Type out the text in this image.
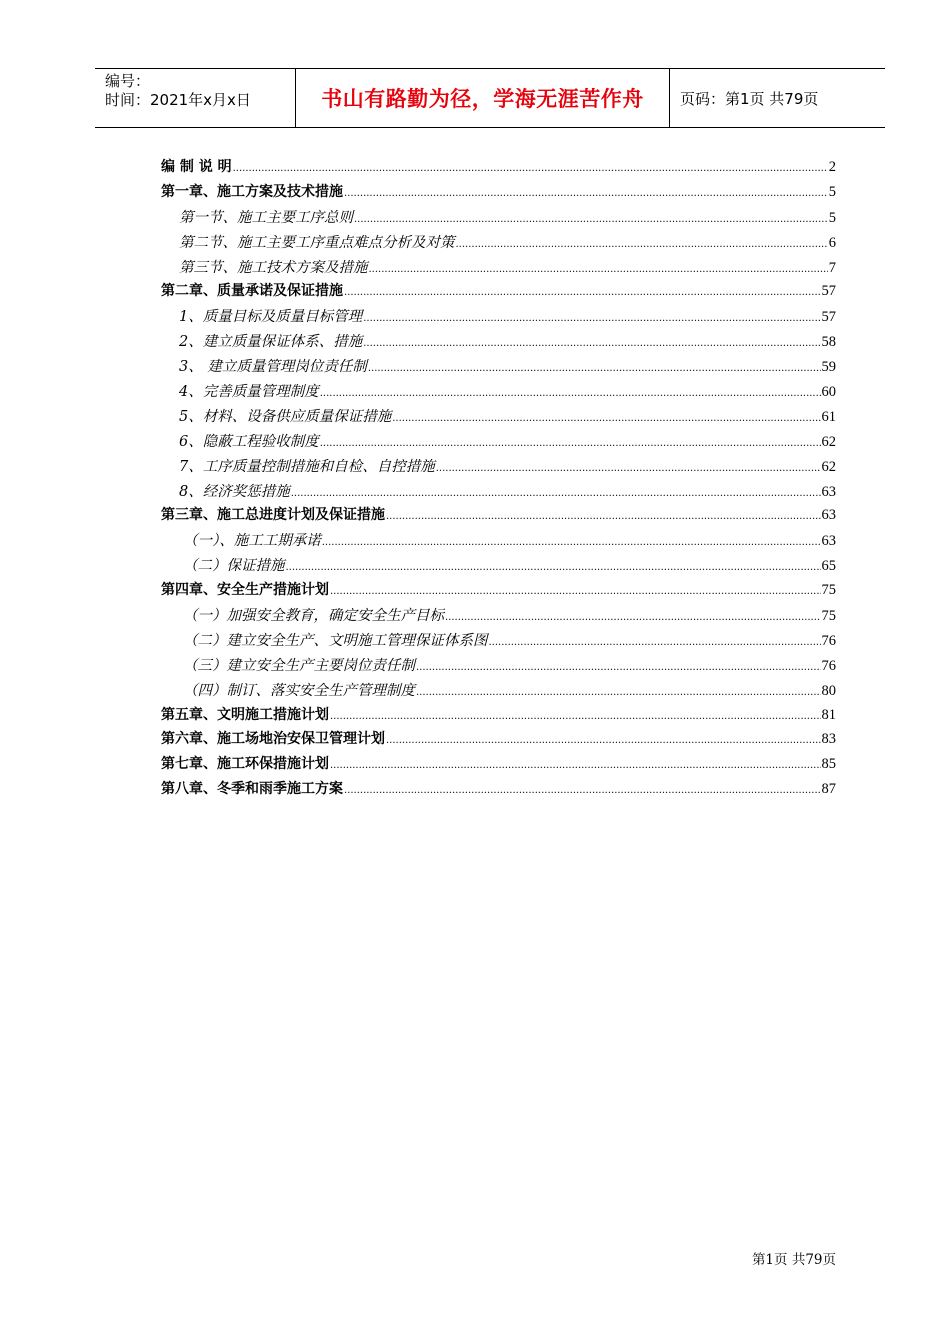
编号：
时间：2021年x月x日	书山有路勤为径，学海无涯苦作舟	页码：第1页 共79页
编 制 说 明 .....	2
第一章、施工方案及技术措施 .....	5
第一节、施工主要工序总则 .....	5
第二节、施工主要工序重点难点分析及对策 .....	6
第三节、施工技术方案及措施 .....	7
第二章、质量承诺及保证措施 .....	57
1、质量目标及质量目标管理 .....	57
2、建立质量保证体系、措施 .....	58
3、 建立质量管理岗位责任制 .....	59
4、完善质量管理制度 .....	60
5、材料、设备供应质量保证措施 .....	61
6、隐蔽工程验收制度 .....	62
7、工序质量控制措施和自检、自控措施 .....	62
8、经济奖惩措施 .....	63
第三章、施工总进度计划及保证措施 .....	63
（一）、施工工期承诺 .....	63
（二）保证措施 .....	65
第四章、安全生产措施计划 .....	75
（一）加强安全教育，确定安全生产目标 .....	75
（二）建立安全生产、文明施工管理保证体系图 .....	76
（三）建立安全生产主要岗位责任制 .....	76
（四）制订、落实安全生产管理制度 .....	80
第五章、文明施工措施计划 .....	81
第六章、施工场地治安保卫管理计划 .....	83
第七章、施工环保措施计划 .....	85
第八章、冬季和雨季施工方案 .....	87
第1页 共79页
